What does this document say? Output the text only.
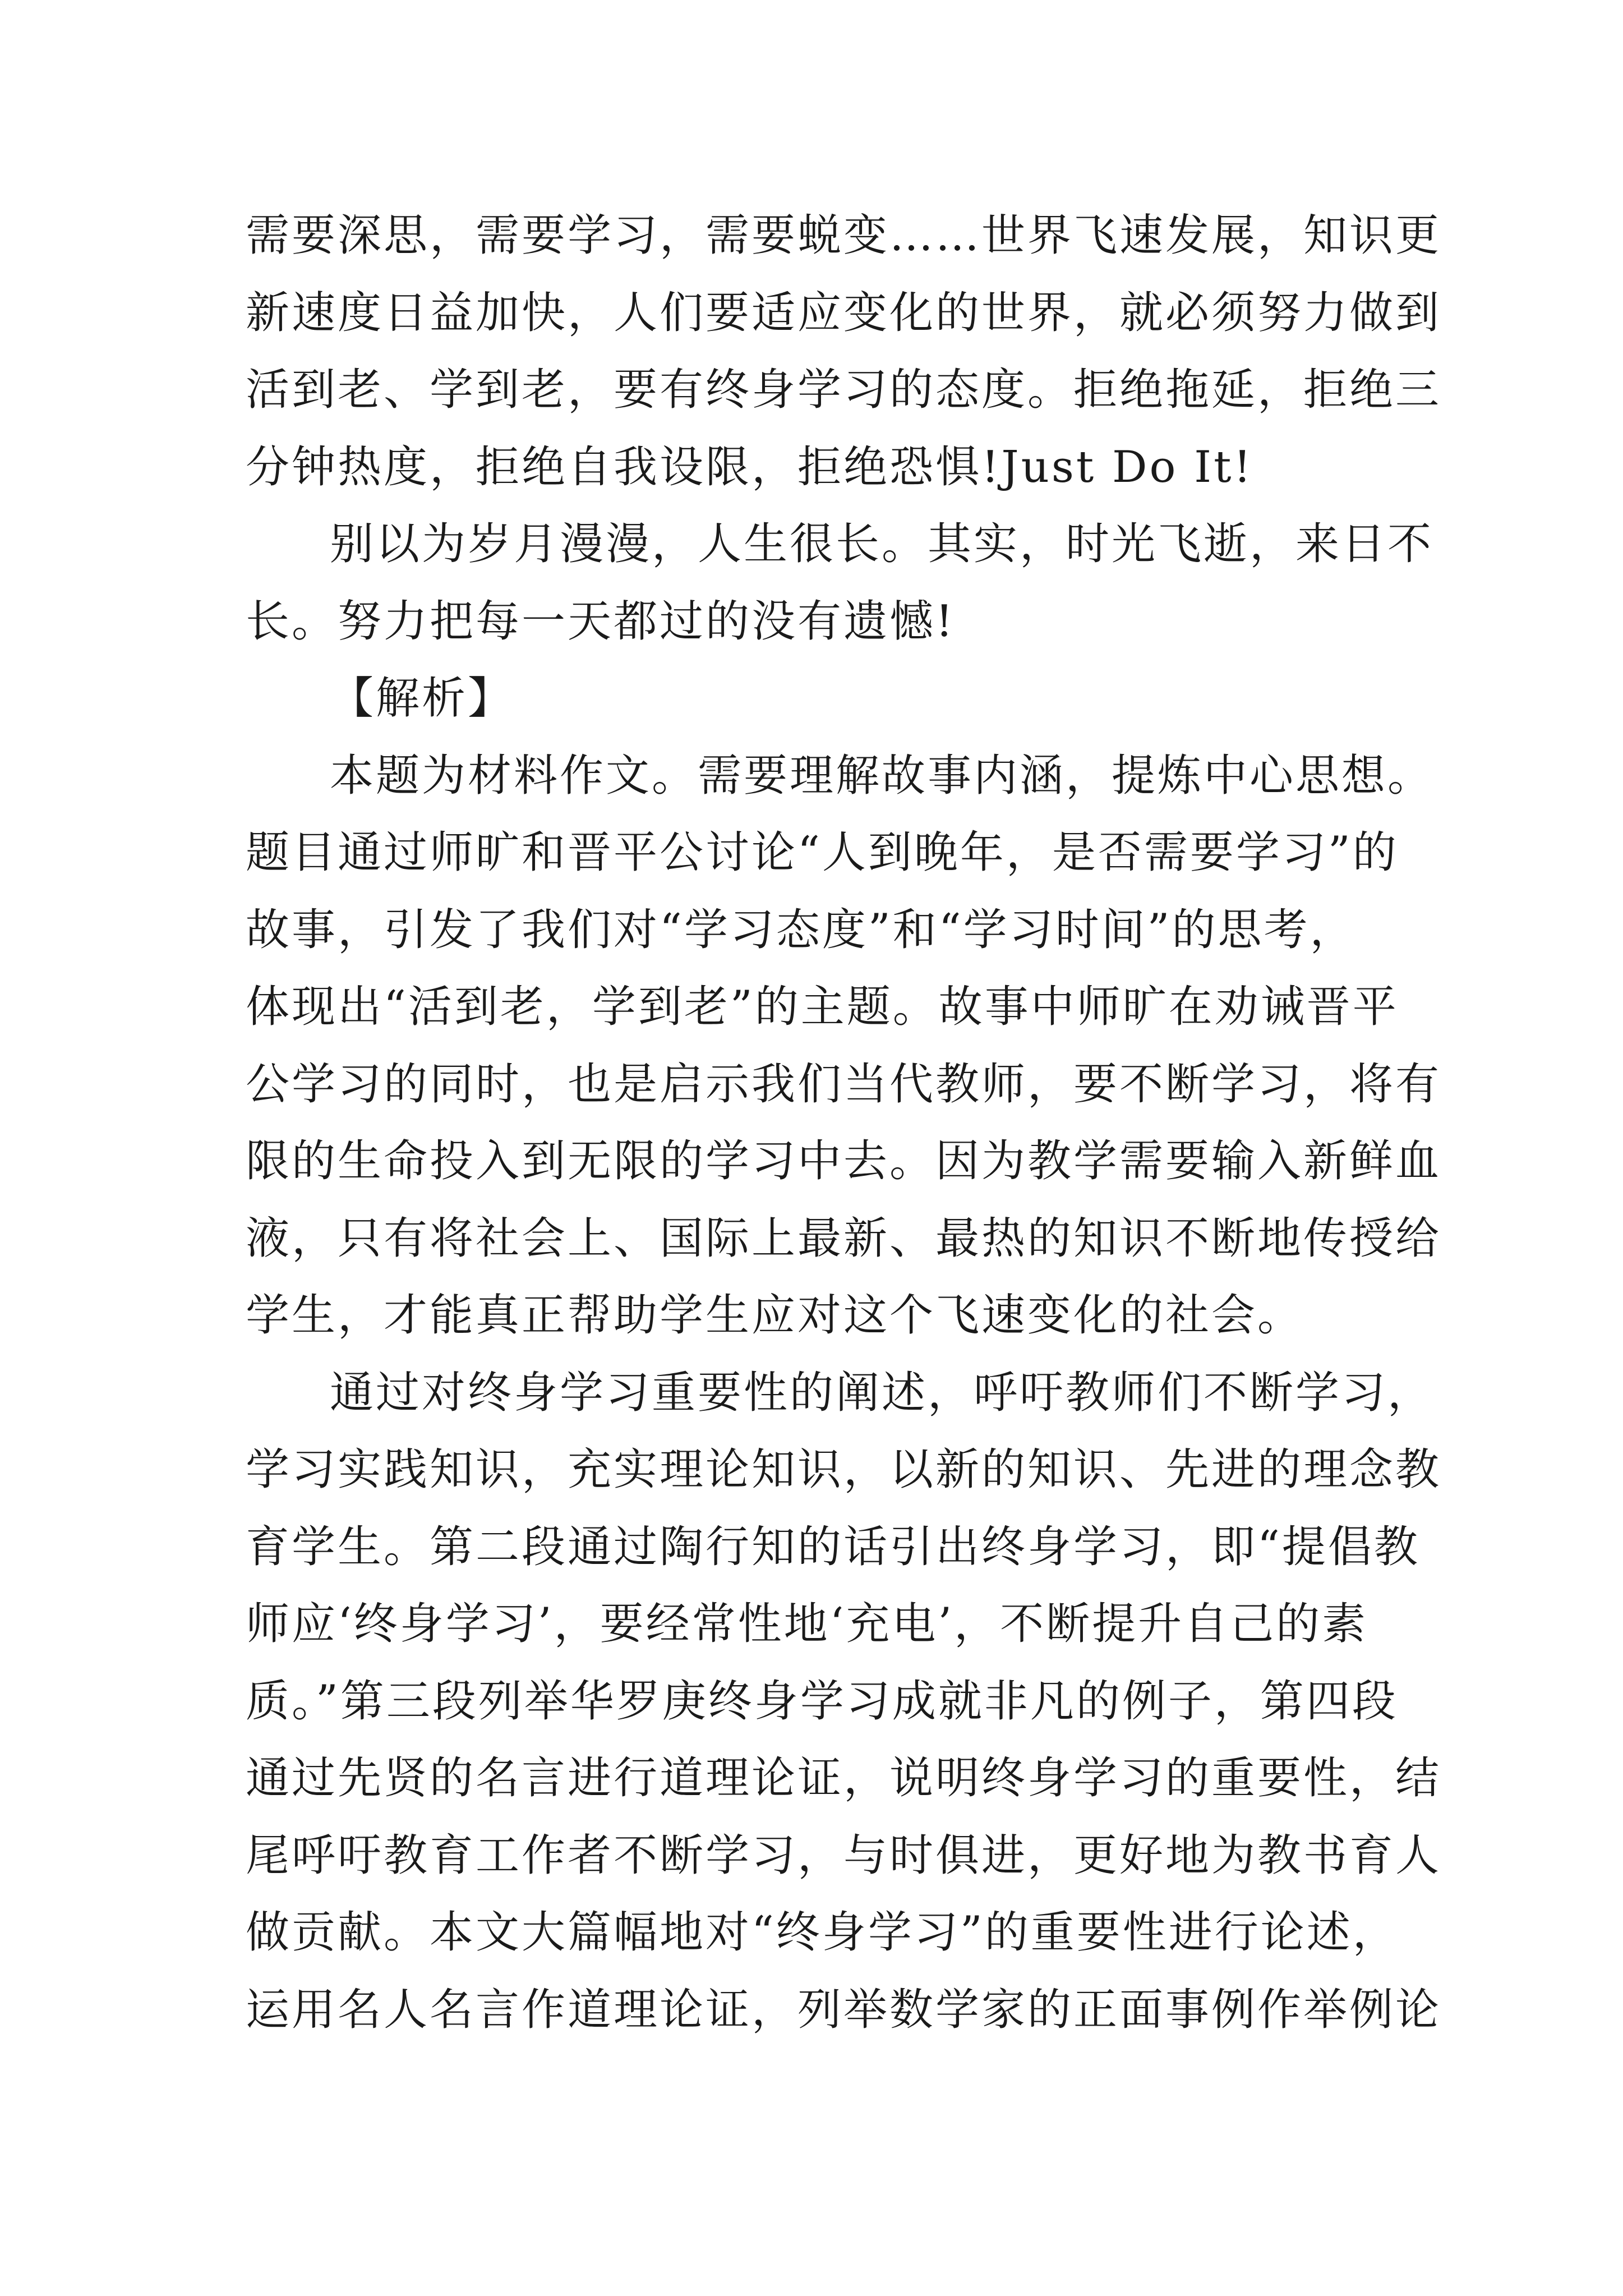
需要深思，需要学习，需要蜕变……世界飞速发展，知识更
新速度日益加快，人们要适应变化的世界，就必须努力做到
活到老、学到老，要有终身学习的态度。拒绝拖延，拒绝三
分钟热度，拒绝自我设限，拒绝恐惧!Just Do It!
别以为岁月漫漫，人生很长。其实，时光飞逝，来日不
长。努力把每一天都过的没有遗憾!
【解析】
本题为材料作文。需要理解故事内涵，提炼中心思想。
题目通过师旷和晋平公讨论“人到晚年，是否需要学习”的
故事，引发了我们对“学习态度”和“学习时间”的思考，
体现出“活到老，学到老”的主题。故事中师旷在劝诫晋平
公学习的同时，也是启示我们当代教师，要不断学习，将有
限的生命投入到无限的学习中去。因为教学需要输入新鲜血
液，只有将社会上、国际上最新、最热的知识不断地传授给
学生，才能真正帮助学生应对这个飞速变化的社会。
通过对终身学习重要性的阐述，呼吁教师们不断学习，
学习实践知识，充实理论知识，以新的知识、先进的理念教
育学生。第二段通过陶行知的话引出终身学习，即“提倡教
师应‘终身学习’，要经常性地‘充电’，不断提升自己的素
质。”第三段列举华罗庚终身学习成就非凡的例子，第四段
通过先贤的名言进行道理论证，说明终身学习的重要性，结
尾呼吁教育工作者不断学习，与时俱进，更好地为教书育人
做贡献。本文大篇幅地对“终身学习”的重要性进行论述，
运用名人名言作道理论证，列举数学家的正面事例作举例论
